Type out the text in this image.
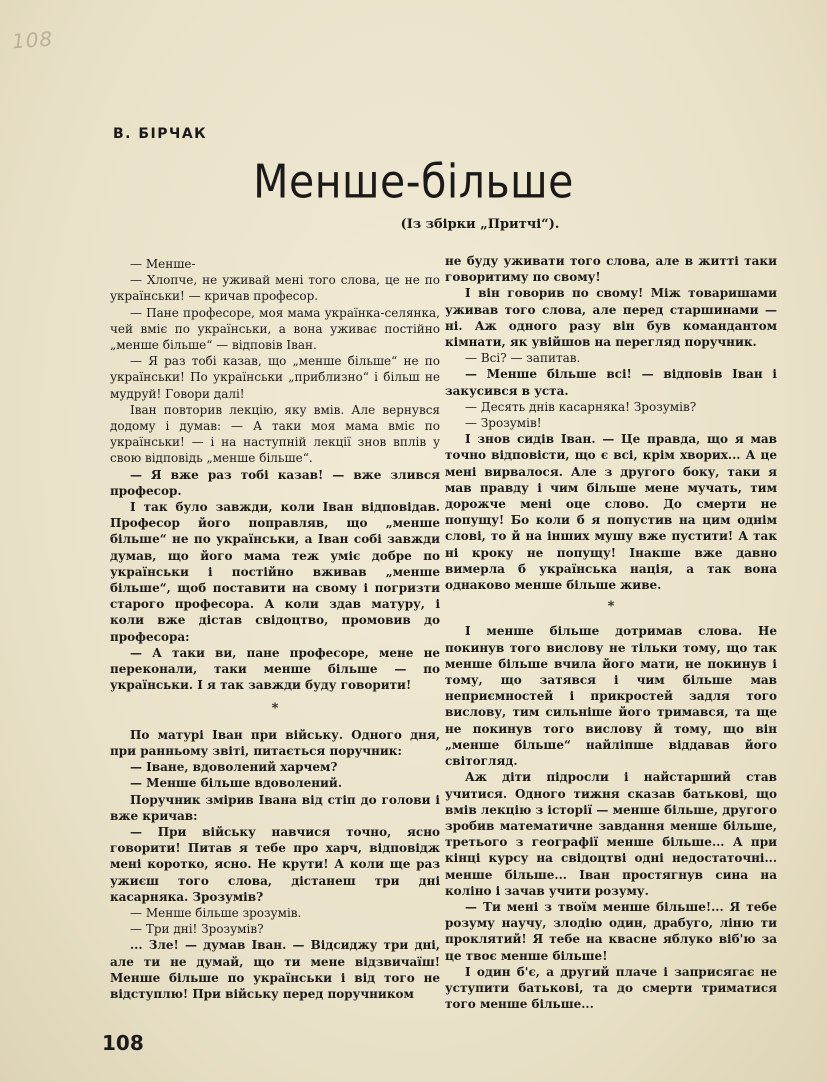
108
В. БІРЧАК
Менше-більше
(Із збірки „Притчі“).

— Менше-

— Хлопче, не уживай мені того слова, це не по українськи! — кричав професор.

— Пане професоре, моя мама українка-селянка, чей вміє по українськи, а вона уживає постійно „менше більше“ — відповів Іван.

— Я раз тобі казав, що „менше більше“ не по українськи! По українськи „приблизно“ і більш не мудруй! Говори далі!

Іван повторив лекцію, яку вмів. Але вернувся додому і думав: — А таки моя мама вміє по українськи! — і на наступній лекції знов вплів у свою відповідь „менше більше“.

— Я вже раз тобі казав! — вже злився професор.

І так було завжди, коли Іван відповідав. Професор його поправляв, що „менше більше“ не по українськи, а Іван собі завжди думав, що його мама теж уміє добре по українськи і постійно вживав „менше більше“, щоб поставити на свому і погризти старого професора. А коли здав матуру, і коли вже дістав свідоцтво, промовив до професора:

— А таки ви, пане професоре, мене не переконали, таки менше більше — по українськи. І я так завжди буду говорити!

*

По матурі Іван при війську. Одного дня, при ранньому звіті, питається поручник:

— Іване, вдоволений харчем?

— Менше більше вдоволений.

Поручник змірив Івана від стіп до голови і вже кричав:

— При війську навчися точно, ясно говорити! Питав я тебе про харч, відповідж мені коротко, ясно. Не крути! А коли ще раз ужиєш того слова, дістанеш три дні касарняка. Зрозумів?

— Менше більше зрозумів.

— Три дні! Зрозумів?

... Зле! — думав Іван. — Відсиджу три дні, але ти не думай, що ти мене відзвичаїш! Менше більше по українськи і від того не відступлю! При війську перед поручником

не буду уживати того слова, але в житті таки говоритиму по свому!

І він говорив по свому! Між товаришами уживав того слова, але перед старшинами — ні. Аж одного разу він був командантом кімнати, як увійшов на перегляд поручник.

— Всі? — запитав.

— Менше більше всі! — відповів Іван і закусився в уста.

— Десять днів касарняка! Зрозумів?

— Зрозумів!

І знов сидів Іван. — Це правда, що я мав точно відповісти, що є всі, крім хворих... А це мені вирвалося. Але з другого боку, таки я мав правду і чим більше мене мучать, тим дорожче мені оце слово. До смерти не попущу! Бо коли б я попустив на цим однім слові, то й на інших мушу вже пустити! А так ні кроку не попущу! Інакше вже давно вимерла б українська нація, а так вона однаково менше більше живе.

*

І менше більше дотримав слова. Не покинув того вислову не тільки тому, що так менше більше вчила його мати, не покинув і тому, що затявся і чим більше мав неприємностей і прикростей задля того вислову, тим сильніше його тримався, та ще не покинув того вислову й тому, що він „менше більше“ найліпше віддавав його світогляд.

Аж діти підросли і найстарший став учитися. Одного тижня сказав батькові, що вмів лекцію з історії — менше більше, другого зробив математичне завдання менше більше, третього з географії менше більше... А при кінці курсу на свідоцтві одні недостаточні... менше більше... Іван простягнув сина на коліно і зачав учити розуму.

— Ти мені з твоїм менше більше!... Я тебе розуму научу, злодію один, драбуго, ліню ти проклятий! Я тебе на квасне яблуко віб'ю за це твоє менше більше!

І один б'є, а другий плаче і заприсягає не уступити батькові, та до смерти триматися того менше більше...

108
